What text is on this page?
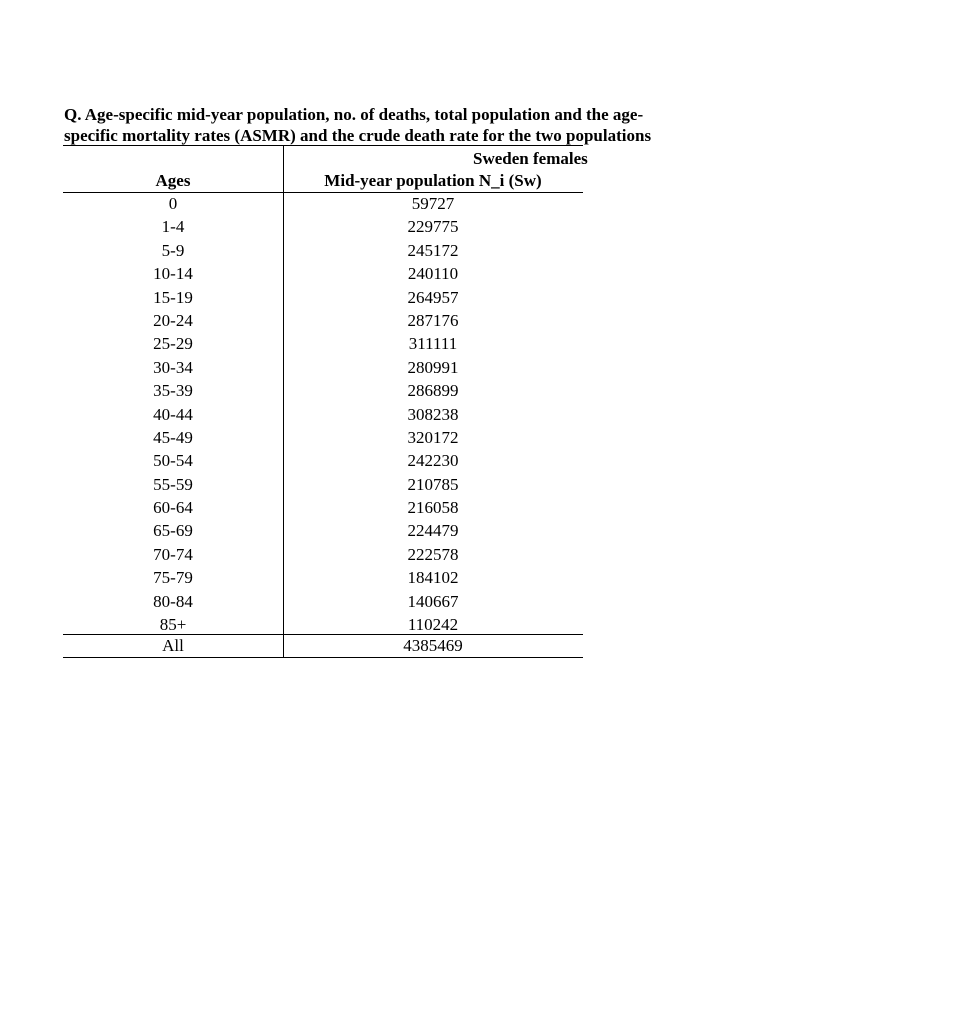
Q. Age-specific mid-year population, no. of deaths, total population and the age-
specific mortality rates (ASMR) and the crude death rate for the two populations
Sweden females
Ages	Mid-year population N_i (Sw)
0	59727
1-4	229775
5-9	245172
10-14	240110
15-19	264957
20-24	287176
25-29	311111
30-34	280991
35-39	286899
40-44	308238
45-49	320172
50-54	242230
55-59	210785
60-64	216058
65-69	224479
70-74	222578
75-79	184102
80-84	140667
85+	110242
All	4385469
